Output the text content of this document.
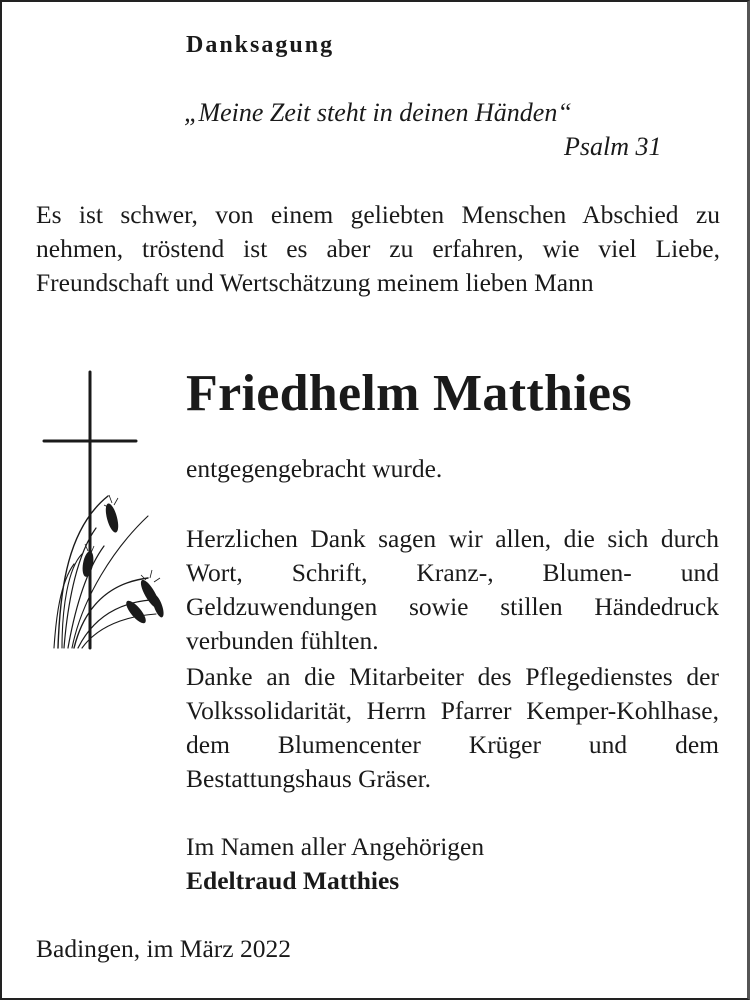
Danksagung

„Meine Zeit steht in deinen Händen“

Psalm 31

Es ist schwer, von einem geliebten Menschen Abschied zu nehmen, tröstend ist es aber zu erfahren, wie viel Liebe, Freundschaft und Wertschätzung meinem lieben Mann

Friedhelm Matthies

entgegengebracht wurde.

Herzlichen Dank sagen wir allen, die sich durch Wort, Schrift, Kranz-, Blumen- und Geldzuwendungen sowie stillen Händedruck verbunden fühlten.

Danke an die Mitarbeiter des Pflegedienstes der Volkssolidarität, Herrn Pfarrer Kemper-Kohlhase, dem Blumencenter Krüger und dem Bestattungshaus Gräser.

Im Namen aller Angehörigen

Edeltraud Matthies

Badingen, im März 2022
